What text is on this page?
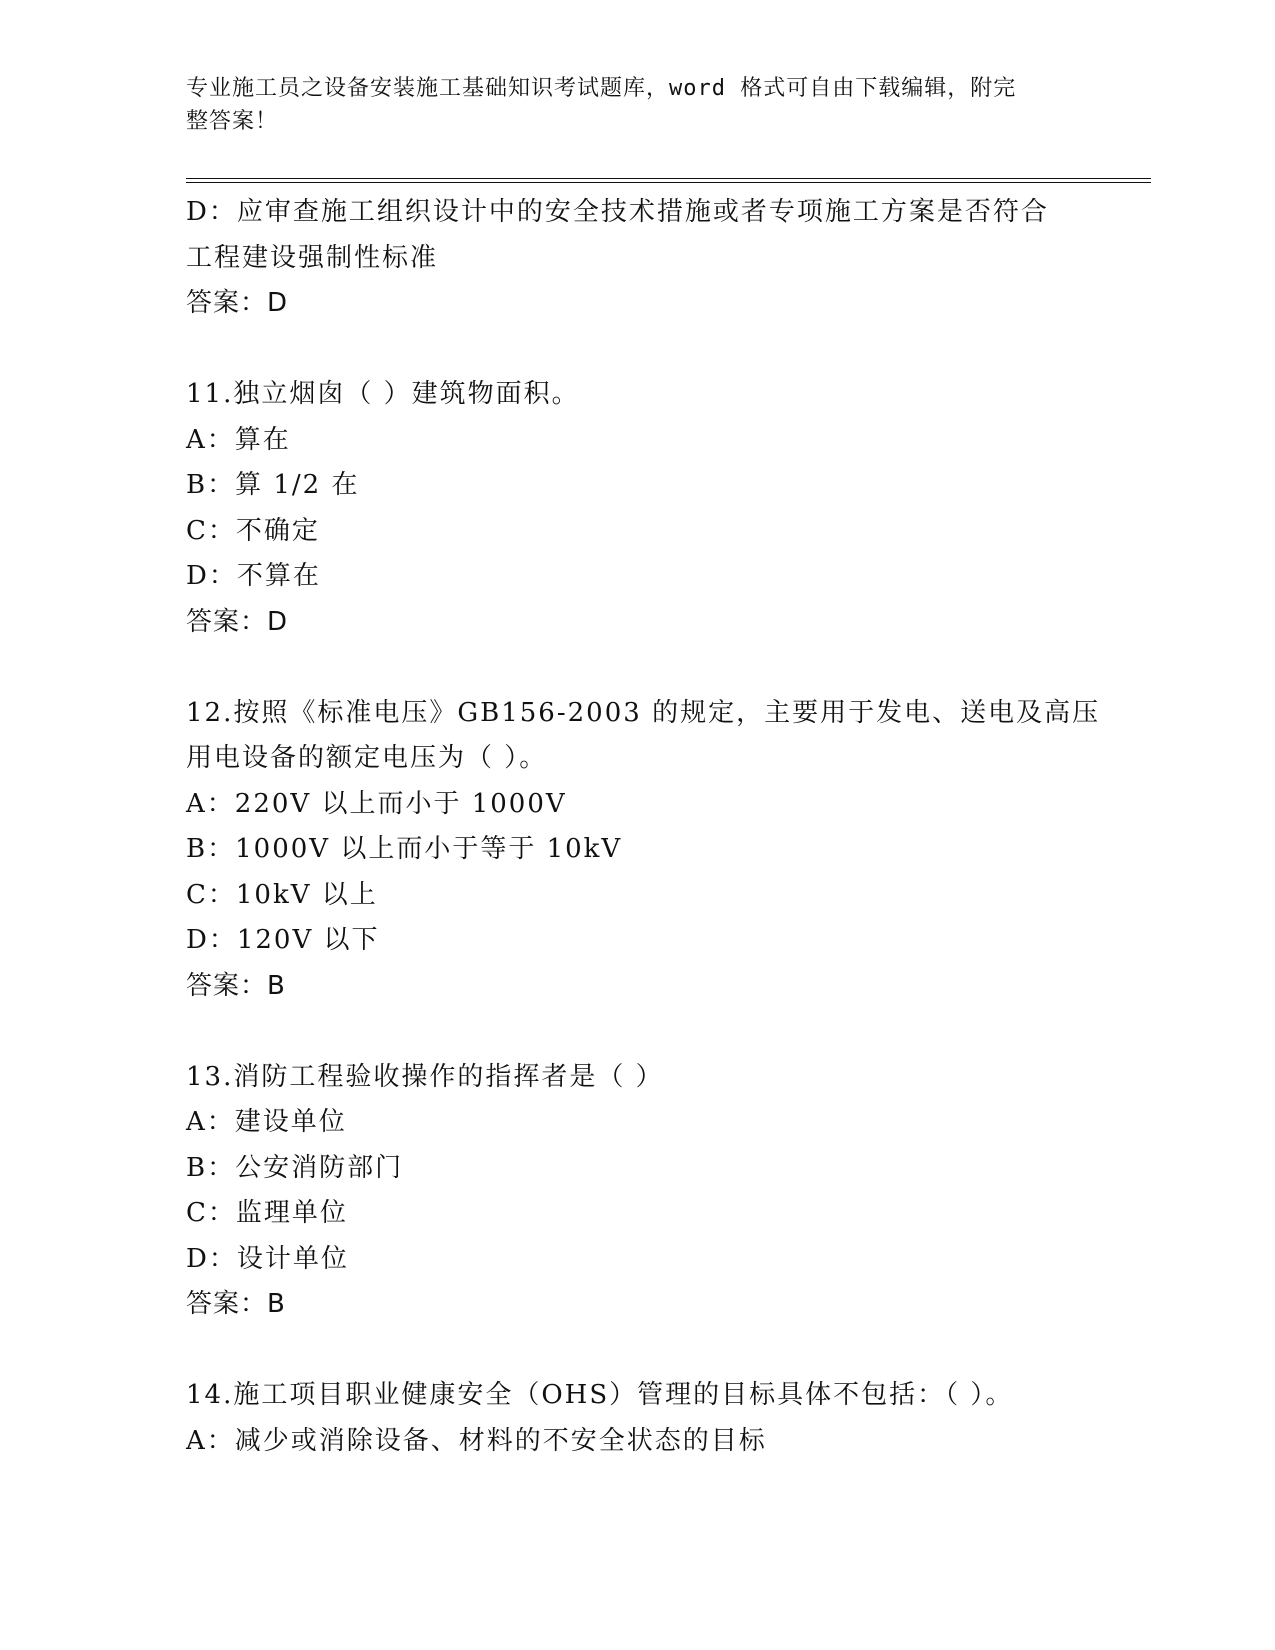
专业施工员之设备安装施工基础知识考试题库，word 格式可自由下载编辑，附完
整答案！
D：应审查施工组织设计中的安全技术措施或者专项施工方案是否符合
工程建设强制性标准
答案：D
11.独立烟囱（ ）建筑物面积。
A：算在
B：算 1/2 在
C：不确定
D：不算在
答案：D
12.按照《标准电压》GB156-2003 的规定，主要用于发电、送电及高压
用电设备的额定电压为（ ）。
A：220V 以上而小于 1000V
B：1000V 以上而小于等于 10kV
C：10kV 以上
D：120V 以下
答案：B
13.消防工程验收操作的指挥者是（ ）
A：建设单位
B：公安消防部门
C：监理单位
D：设计单位
答案：B
14.施工项目职业健康安全（OHS）管理的目标具体不包括：（ ）。
A：减少或消除设备、材料的不安全状态的目标
